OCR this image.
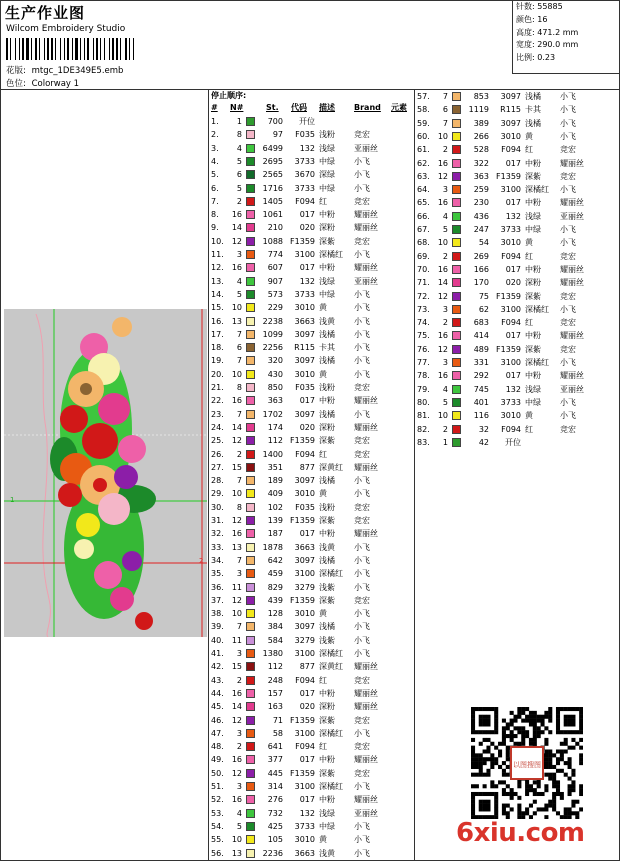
生产作业图
Wilcom Embroidery Studio
花版: mtgc_1DE349E5.emb
色位: Colorway 1
针数: 55885
颜色: 16
高度: 471.2 mm
宽度: 290.0 mm
比例: 0.23
1
2
停止顺序:
# N#	St. 代码 描述 Brand 元素
1.	1	700	开位
2.	8	97	F035 浅粉	竞宏
3.	4	6499	132 浅绿	亚丽丝
4.	5	2695	3733 中绿	小飞
5.	6	2565	3670 深绿	小飞
6.	5	1716	3733 中绿	小飞
7.	2	1405	F094 红	竞宏
8.	16	1061	017 中粉	耀丽丝
9.	14	210	020 深粉	耀丽丝
10.	12	1088 F1359 深紫	竞宏
11.	3	774	3100 深橘红	小飞
12.	16	607	017 中粉	耀丽丝
13.	4	907	132 浅绿	亚丽丝
14.	5	573	3733 中绿	小飞
15.	10	229	3010 黄	小飞
16.	13	2238	3663 浅黄	小飞
17.	7	1099	3097 浅橘	小飞
18.	6	2256	R115 卡其	小飞
19.	7	320	3097 浅橘	小飞
20.	10	430	3010 黄	小飞
21.	8	850	F035 浅粉	竞宏
22.	16	363	017 中粉	耀丽丝
23.	7	1702	3097 浅橘	小飞
24.	14	174	020 深粉	耀丽丝
25.	12	112 F1359 深紫	竞宏
26.	2	1400	F094 红	竞宏
27.	15	351	877 深黄红	耀丽丝
28.	7	189	3097 浅橘	小飞
29.	10	409	3010 黄	小飞
30.	8	102	F035 浅粉	竞宏
31.	12	139 F1359 深紫	竞宏
32.	16	187	017 中粉	耀丽丝
33.	13	1878	3663 浅黄	小飞
34.	7	642	3097 浅橘	小飞
35.	3	459	3100 深橘红	小飞
36.	11	829	3279 浅紫	小飞
37.	12	439 F1359 深紫	竞宏
38.	10	128	3010 黄	小飞
39.	7	384	3097 浅橘	小飞
40.	11	584	3279 浅紫	小飞
41.	3	1380	3100 深橘红	小飞
42.	15	112	877 深黄红	耀丽丝
43.	2	248	F094 红	竞宏
44.	16	157	017 中粉	耀丽丝
45.	14	163	020 深粉	耀丽丝
46.	12	71 F1359 深紫	竞宏
47.	3	58	3100 深橘红	小飞
48.	2	641	F094 红	竞宏
49.	16	377	017 中粉	耀丽丝
50.	12	445 F1359 深紫	竞宏
51.	3	314	3100 深橘红	小飞
52.	16	276	017 中粉	耀丽丝
53.	4	732	132 浅绿	亚丽丝
54.	5	425	3733 中绿	小飞
55.	10	105	3010 黄	小飞
56.	13	2236	3663 浅黄	小飞
57.	7	853	3097 浅橘	小飞
58.	6	1119	R115 卡其	小飞
59.	7	389	3097 浅橘	小飞
60.	10	266	3010 黄	小飞
61.	2	528	F094 红	竞宏
62.	16	322	017 中粉	耀丽丝
63.	12	363 F1359 深紫	竞宏
64.	3	259	3100 深橘红	小飞
65.	16	230	017 中粉	耀丽丝
66.	4	436	132 浅绿	亚丽丝
67.	5	247	3733 中绿	小飞
68.	10	54	3010 黄	小飞
69.	2	269	F094 红	竞宏
70.	16	166	017 中粉	耀丽丝
71.	14	170	020 深粉	耀丽丝
72.	12	75 F1359 深紫	竞宏
73.	3	62	3100 深橘红	小飞
74.	2	683	F094 红	竞宏
75.	16	414	017 中粉	耀丽丝
76.	12	489 F1359 深紫	竞宏
77.	3	331	3100 深橘红	小飞
78.	16	292	017 中粉	耀丽丝
79.	4	745	132 浅绿	亚丽丝
80.	5	401	3733 中绿	小飞
81.	10	116	3010 黄	小飞
82.	2	32	F094 红	竞宏
83.	1	42	开位
以图搜图
6xiu.com
